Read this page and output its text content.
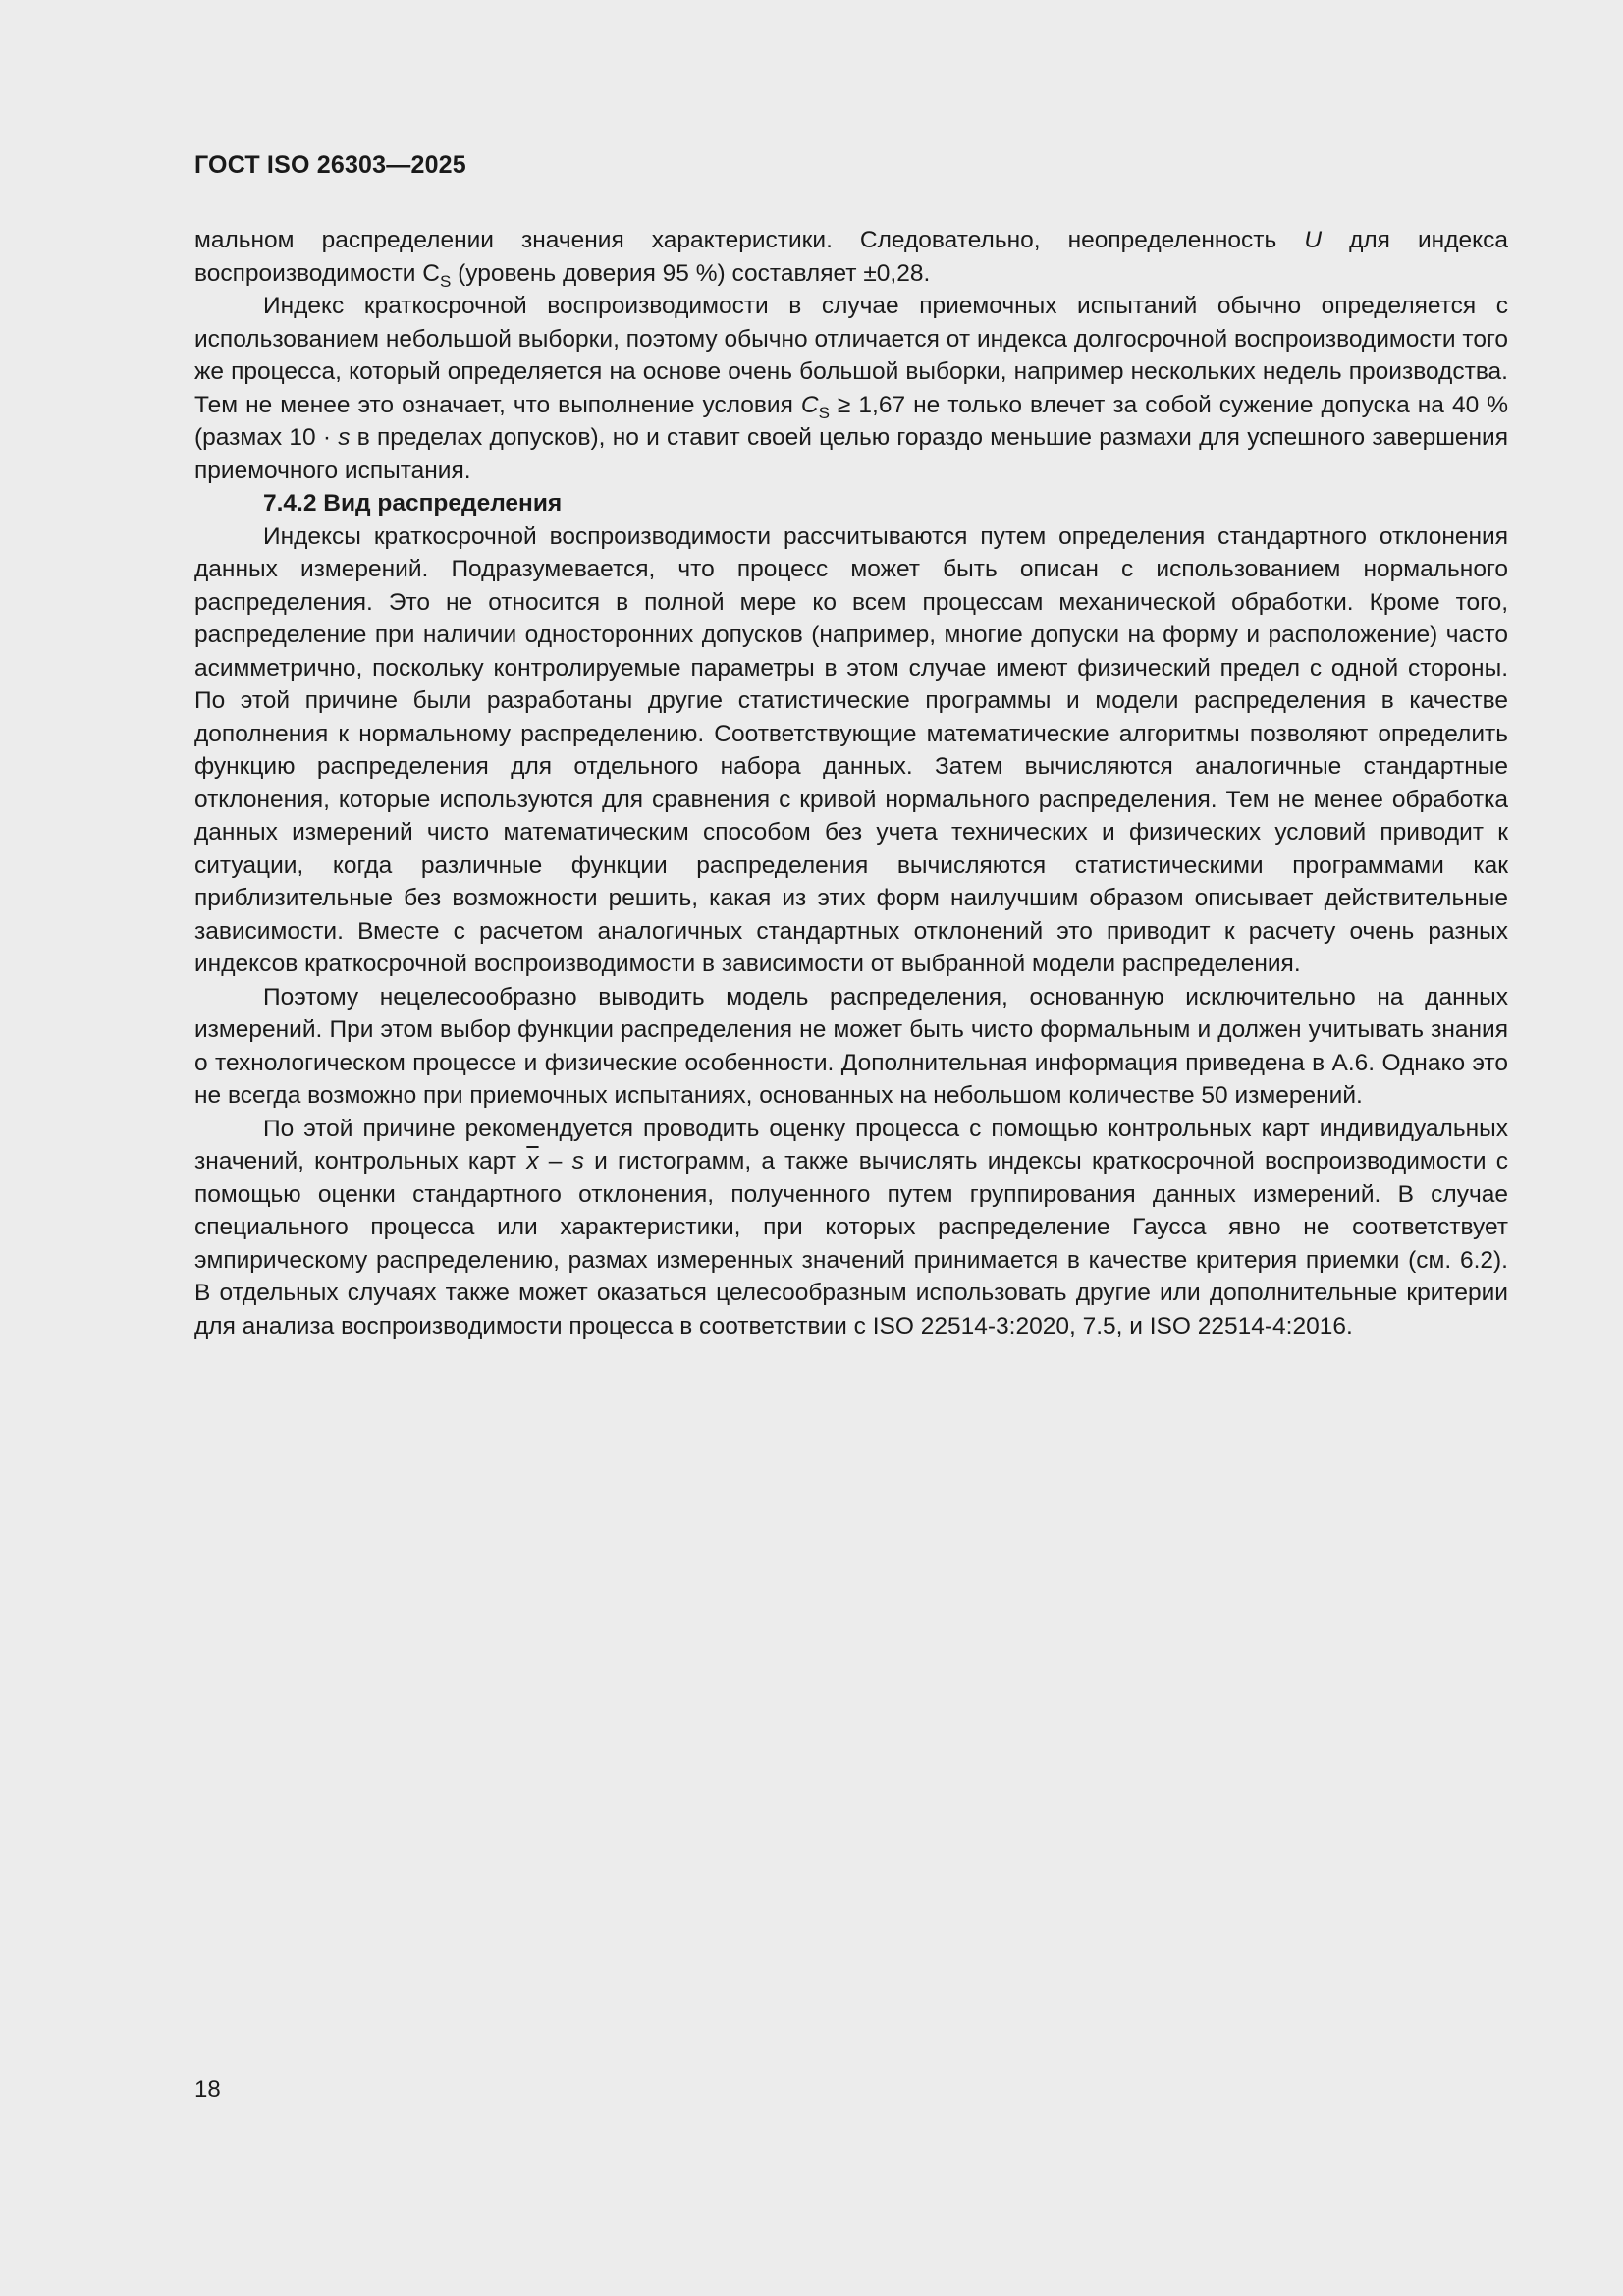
ГОСТ ISO 26303—2025

мальном распределении значения характеристики. Следовательно, неопределенность U для индекса воспроизводимости $C_S$ (уровень доверия 95 %) составляет ±0,28.

Индекс краткосрочной воспроизводимости в случае приемочных испытаний обычно определяется с использованием небольшой выборки, поэтому обычно отличается от индекса долгосрочной воспроизводимости того же процесса, который определяется на основе очень большой выборки, например нескольких недель производства. Тем не менее это означает, что выполнение условия $C_S \ge 1,67$ не только влечет за собой сужение допуска на 40 % (размах 10 · s в пределах допусков), но и ставит своей целью гораздо меньшие размахи для успешного завершения приемочного испытания.

7.4.2 Вид распределения

Индексы краткосрочной воспроизводимости рассчитываются путем определения стандартного отклонения данных измерений. Подразумевается, что процесс может быть описан с использованием нормального распределения. Это не относится в полной мере ко всем процессам механической обработки. Кроме того, распределение при наличии односторонних допусков (например, многие допуски на форму и расположение) часто асимметрично, поскольку контролируемые параметры в этом случае имеют физический предел с одной стороны. По этой причине были разработаны другие статистические программы и модели распределения в качестве дополнения к нормальному распределению. Соответствующие математические алгоритмы позволяют определить функцию распределения для отдельного набора данных. Затем вычисляются аналогичные стандартные отклонения, которые используются для сравнения с кривой нормального распределения. Тем не менее обработка данных измерений чисто математическим способом без учета технических и физических условий приводит к ситуации, когда различные функции распределения вычисляются статистическими программами как приблизительные без возможности решить, какая из этих форм наилучшим образом описывает действительные зависимости. Вместе с расчетом аналогичных стандартных отклонений это приводит к расчету очень разных индексов краткосрочной воспроизводимости в зависимости от выбранной модели распределения.

Поэтому нецелесообразно выводить модель распределения, основанную исключительно на данных измерений. При этом выбор функции распределения не может быть чисто формальным и должен учитывать знания о технологическом процессе и физические особенности. Дополнительная информация приведена в А.6. Однако это не всегда возможно при приемочных испытаниях, основанных на небольшом количестве 50 измерений.

По этой причине рекомендуется проводить оценку процесса с помощью контрольных карт индивидуальных значений, контрольных карт $\overline{x}$ – s и гистограмм, а также вычислять индексы краткосрочной воспроизводимости с помощью оценки стандартного отклонения, полученного путем группирования данных измерений. В случае специального процесса или характеристики, при которых распределение Гаусса явно не соответствует эмпирическому распределению, размах измеренных значений принимается в качестве критерия приемки (см. 6.2). В отдельных случаях также может оказаться целесообразным использовать другие или дополнительные критерии для анализа воспроизводимости процесса в соответствии с ISO 22514-3:2020, 7.5, и ISO 22514-4:2016.

18
